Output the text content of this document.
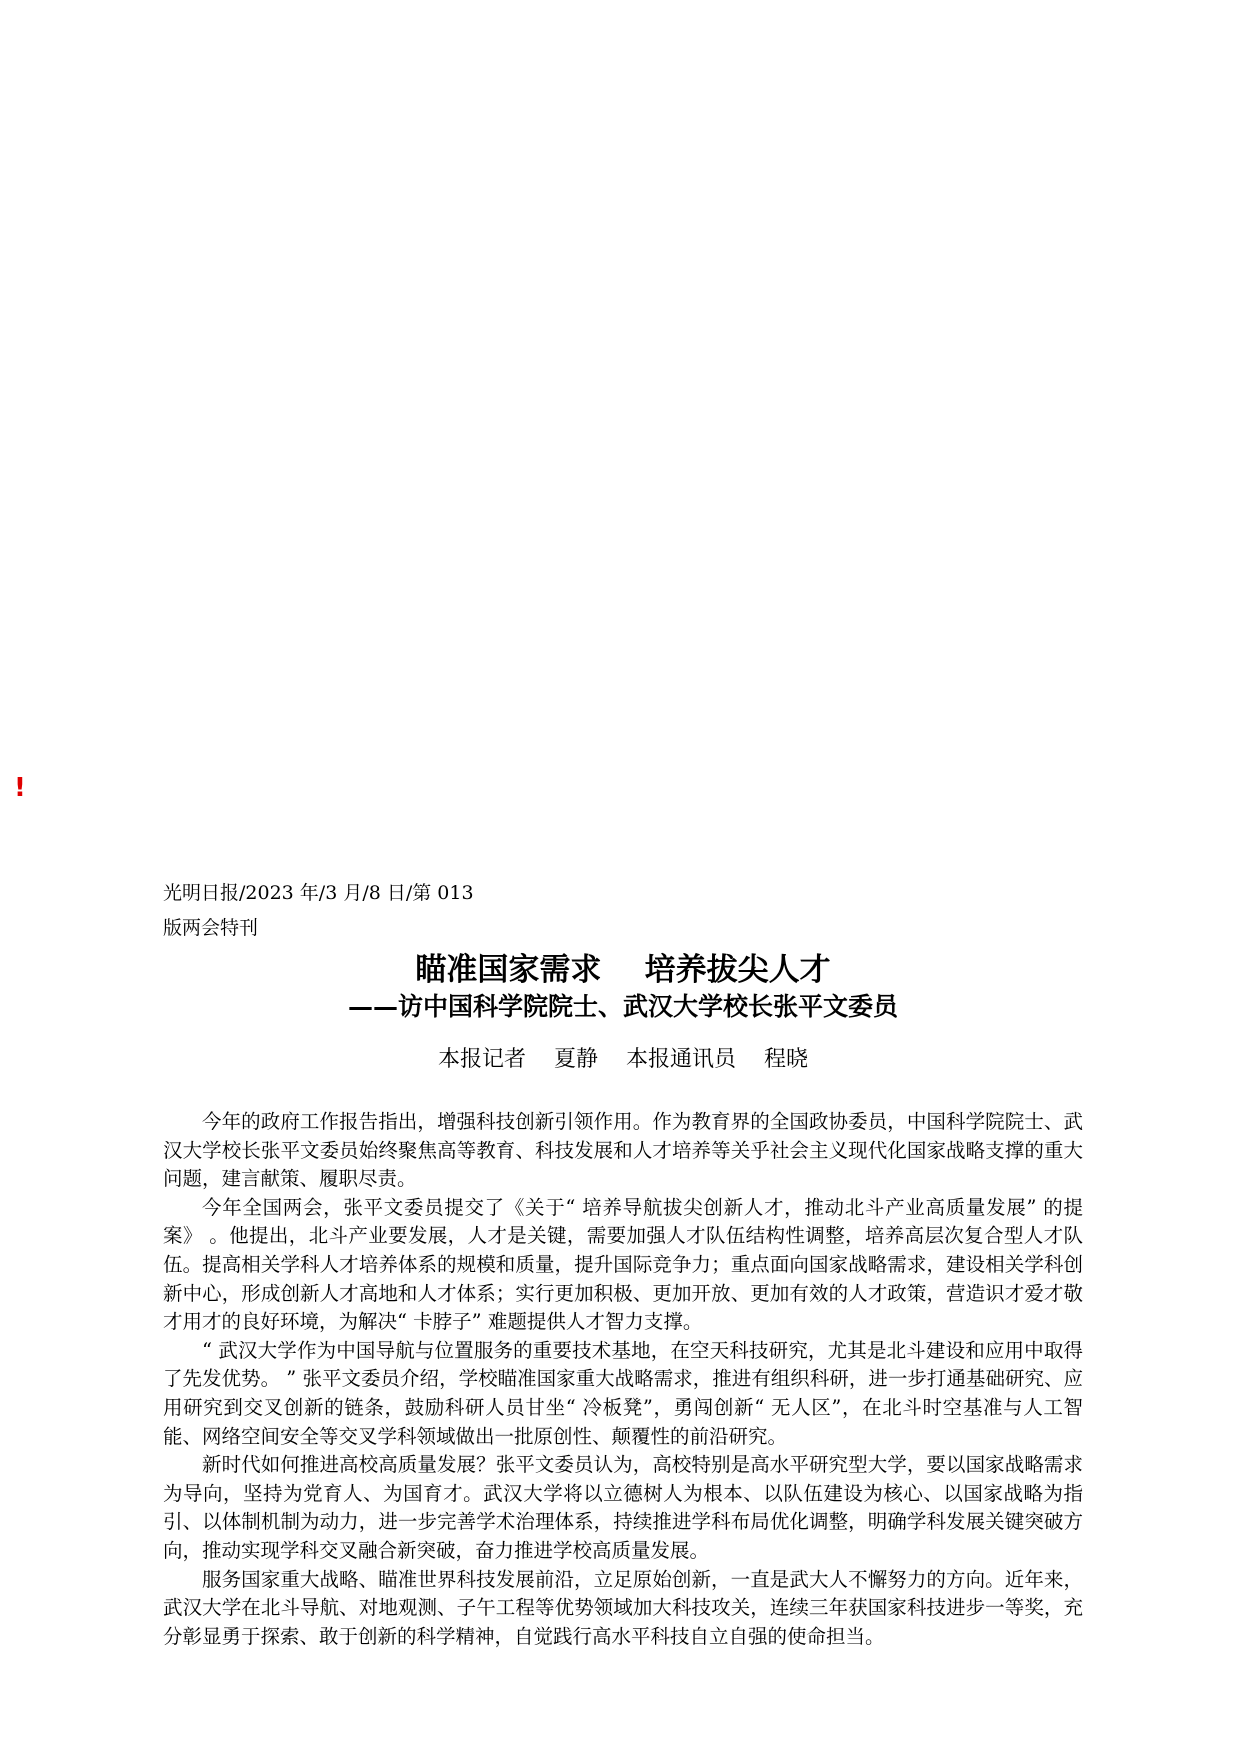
!
光明日报/2023 年/3 月/8 日/第 013
版两会特刊
瞄准国家需求    培养拔尖人才
——访中国科学院院士、武汉大学校长张平文委员
本报记者    夏静    本报通讯员    程晓

今年的政府工作报告指出，增强科技创新引领作用。作为教育界的全国政协委员，中国科学院院士、武汉大学校长张平文委员始终聚焦高等教育、科技发展和人才培养等关乎社会主义现代化国家战略支撑的重大问题，建言献策、履职尽责。

今年全国两会，张平文委员提交了《关于“ 培养导航拔尖创新人才，推动北斗产业高质量发展” 的提案》 。他提出，北斗产业要发展，人才是关键，需要加强人才队伍结构性调整，培养高层次复合型人才队伍。提高相关学科人才培养体系的规模和质量，提升国际竞争力；重点面向国家战略需求，建设相关学科创新中心，形成创新人才高地和人才体系；实行更加积极、更加开放、更加有效的人才政策，营造识才爱才敬才用才的良好环境，为解决“ 卡脖子” 难题提供人才智力支撑。

“ 武汉大学作为中国导航与位置服务的重要技术基地，在空天科技研究，尤其是北斗建设和应用中取得了先发优势。 ” 张平文委员介绍，学校瞄准国家重大战略需求，推进有组织科研，进一步打通基础研究、应用研究到交叉创新的链条，鼓励科研人员甘坐“ 冷板凳”，勇闯创新“ 无人区”，在北斗时空基准与人工智能、网络空间安全等交叉学科领域做出一批原创性、颠覆性的前沿研究。

新时代如何推进高校高质量发展？张平文委员认为，高校特别是高水平研究型大学，要以国家战略需求为导向，坚持为党育人、为国育才。武汉大学将以立德树人为根本、以队伍建设为核心、以国家战略为指引、以体制机制为动力，进一步完善学术治理体系，持续推进学科布局优化调整，明确学科发展关键突破方向，推动实现学科交叉融合新突破，奋力推进学校高质量发展。

服务国家重大战略、瞄准世界科技发展前沿，立足原始创新，一直是武大人不懈努力的方向。近年来，武汉大学在北斗导航、对地观测、子午工程等优势领域加大科技攻关，连续三年获国家科技进步一等奖，充分彰显勇于探索、敢于创新的科学精神，自觉践行高水平科技自立自强的使命担当。
